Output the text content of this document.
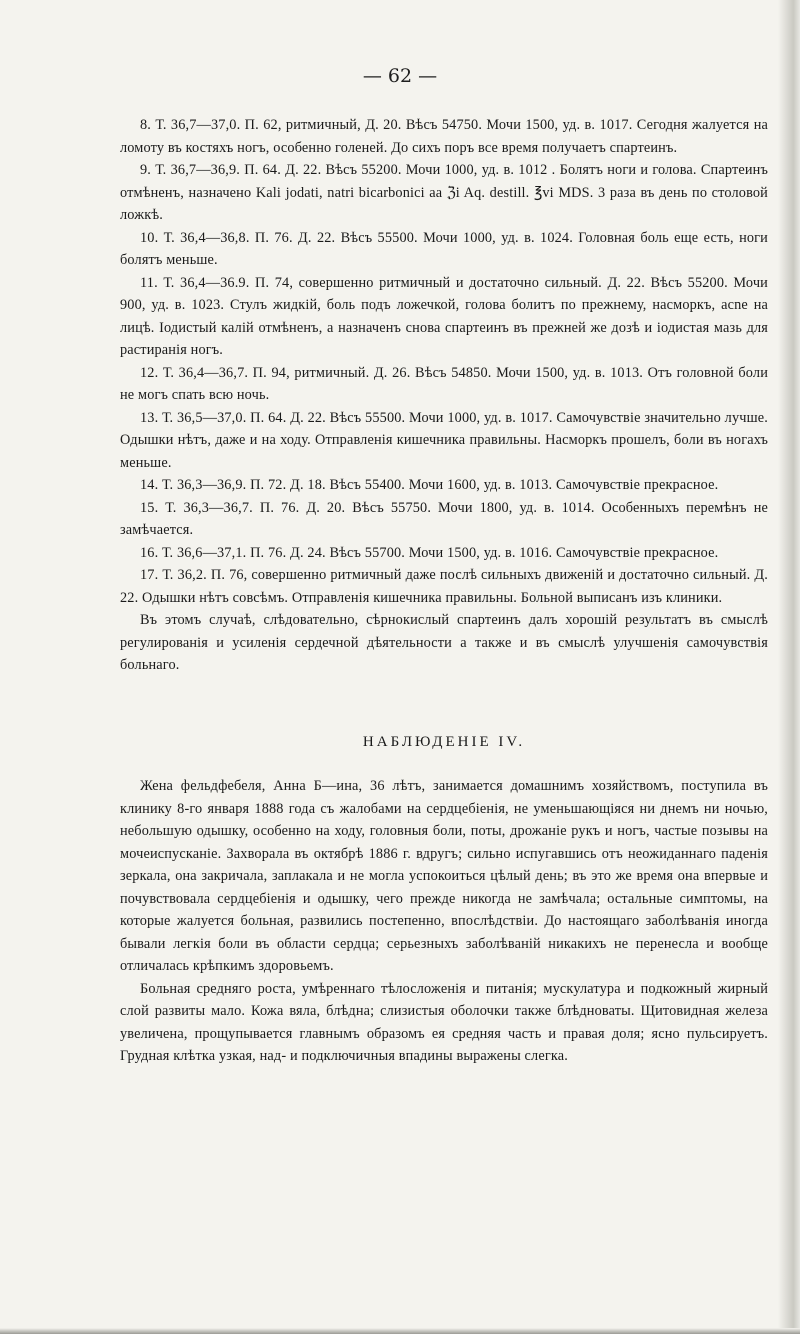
— 62 —

8. Т. 36,7—37,0. П. 62, ритмичный, Д. 20. Вѣсъ 54750. Мочи 1500, уд. в. 1017. Сегодня жалуется на ломоту въ костяхъ ногъ, особенно голеней. До сихъ поръ все время получаетъ спартеинъ.

9. Т. 36,7—36,9. П. 64. Д. 22. Вѣсъ 55200. Мочи 1000, уд. в. 1012 . Болятъ ноги и голова. Спартеинъ отмѣненъ, назначено Kali jodati, natri bicarbonici aa ℨi Aq. destill. ℥vi MDS. 3 раза въ день по столовой ложкѣ.

10. Т. 36,4—36,8. П. 76. Д. 22. Вѣсъ 55500. Мочи 1000, уд. в. 1024. Головная боль еще есть, ноги болятъ меньше.

11. Т. 36,4—36.9. П. 74, совершенно ритмичный и достаточно сильный. Д. 22. Вѣсъ 55200. Мочи 900, уд. в. 1023. Стулъ жидкій, боль подъ ложечкой, голова болитъ по прежнему, насморкъ, acne на лицѣ. Іодистый калій отмѣненъ, а назначенъ снова спартеинъ въ прежней же дозѣ и іодистая мазь для растиранія ногъ.

12. Т. 36,4—36,7. П. 94, ритмичный. Д. 26. Вѣсъ 54850. Мочи 1500, уд. в. 1013. Отъ головной боли не могъ спать всю ночь.

13. Т. 36,5—37,0. П. 64. Д. 22. Вѣсъ 55500. Мочи 1000, уд. в. 1017. Самочувствіе значительно лучше. Одышки нѣтъ, даже и на ходу. Отправленія кишечника правильны. Насморкъ прошелъ, боли въ ногахъ меньше.

14. Т. 36,3—36,9. П. 72. Д. 18. Вѣсъ 55400. Мочи 1600, уд. в. 1013. Самочувствіе прекрасное.

15. Т. 36,3—36,7. П. 76. Д. 20. Вѣсъ 55750. Мочи 1800, уд. в. 1014. Особенныхъ перемѣнъ не замѣчается.

16. Т. 36,6—37,1. П. 76. Д. 24. Вѣсъ 55700. Мочи 1500, уд. в. 1016. Самочувствіе прекрасное.

17. Т. 36,2. П. 76, совершенно ритмичный даже послѣ сильныхъ движеній и достаточно сильный. Д. 22. Одышки нѣтъ совсѣмъ. Отправленія кишечника правильны. Больной выписанъ изъ клиники.

Въ этомъ случаѣ, слѣдовательно, сѣрнокислый спартеинъ далъ хорошій результатъ въ смыслѣ регулированія и усиленія сердечной дѣятельности а также и въ смыслѣ улучшенія самочувствія больнаго.

НАБЛЮДЕНІЕ IV.

Жена фельдфебеля, Анна Б—ина, 36 лѣтъ, занимается домашнимъ хозяйствомъ, поступила въ клинику 8-го января 1888 года съ жалобами на сердцебіенія, не уменьшающіяся ни днемъ ни ночью, небольшую одышку, особенно на ходу, головныя боли, поты, дрожаніе рукъ и ногъ, частые позывы на мочеиспусканіе. Захворала въ октябрѣ 1886 г. вдругъ; сильно испугавшись отъ неожиданнаго паденія зеркала, она закричала, заплакала и не могла успокоиться цѣлый день; въ это же время она впервые и почувствовала сердцебіенія и одышку, чего прежде никогда не замѣчала; остальные симптомы, на которые жалуется больная, развились постепенно, впослѣдствіи. До настоящаго заболѣванія иногда бывали легкія боли въ области сердца; серьезныхъ заболѣваній никакихъ не перенесла и вообще отличалась крѣпкимъ здоровьемъ.

Больная средняго роста, умѣреннаго тѣлосложенія и питанія; мускулатура и подкожный жирный слой развиты мало. Кожа вяла, блѣдна; слизистыя оболочки также блѣдноваты. Щитовидная железа увеличена, прощупывается главнымъ образомъ ея средняя часть и правая доля; ясно пульсируетъ. Грудная клѣтка узкая, над- и подключичныя впадины выражены слегка.
